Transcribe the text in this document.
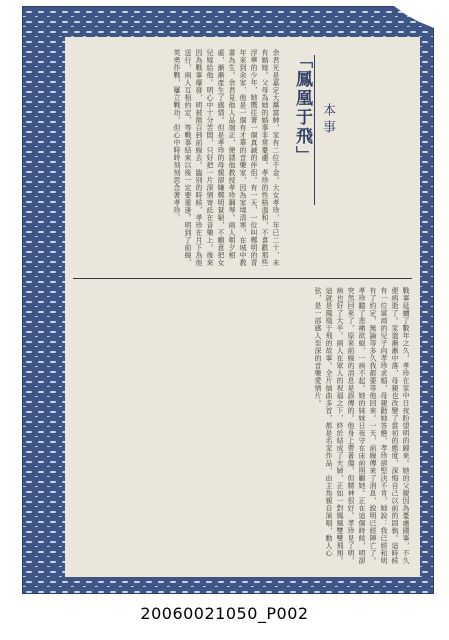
「鳳凰于飛」 本事
余君光是嘉定大黨富紳，家有二位千金。大女孝珍，年已二十，未有婚嫁。父母為她的婚事非常憂慮。孝珍的性格溫和，不喜歡那些浮華的少年，她嚮往著一個真誠的伴侶。有一天，一位叫鄭明的青年來到余家，他是一個有才華的音樂家，因為家境清寒，在城中教書為生。余君見他人品端正，便請他教授孝珍鋼琴。兩人朝夕相處，漸漸產生了感情。但是孝珍的母親卻嫌鄭明貧窮，不願意把女兒嫁給他。明心中十分苦悶，只好把一片深情寄託在音樂上。後來因為戰事爆發，明被徵召到前線去。臨別的時候，孝珍在月下為他送行，兩人互相約定，等戰事結束以後一定要重逢。明到了前線，英勇作戰，屢立戰功，但心中時時刻刻思念著孝珍。
戰事延續了數年之久，孝珍在家中日夜盼望明的歸來。她的父親因為憂慮國事，不久便病逝了。家道漸漸中落，母親也改變了當初的態度，深悔自己以前的固執。這時候有一位富商的兒子向孝珍求婚，母親勸她答應，孝珍卻堅決不肯，她說：我已經和明有了約定，無論等多久我都要等他回來。一天，前線傳來了消息，說明已經陣亡了。孝珍聽了悲痛欲絕，一病不起。她的妹妹日夜守在床前照顧她。正在這個時候，明卻突然回來了，原來前線的消息是誤傳的。他身上帶著傷，但精神很好。孝珍見了明，病也好了大半。兩人在眾人的祝福之下，終於結成了夫婦，正如一對鳳凰雙雙飛翔。這就是鳳凰于飛的故事。全片插曲多首，都是名家作品，由主角親自演唱，動人心弦，是一部感人至深的音樂愛情片。
20060021050_P002
